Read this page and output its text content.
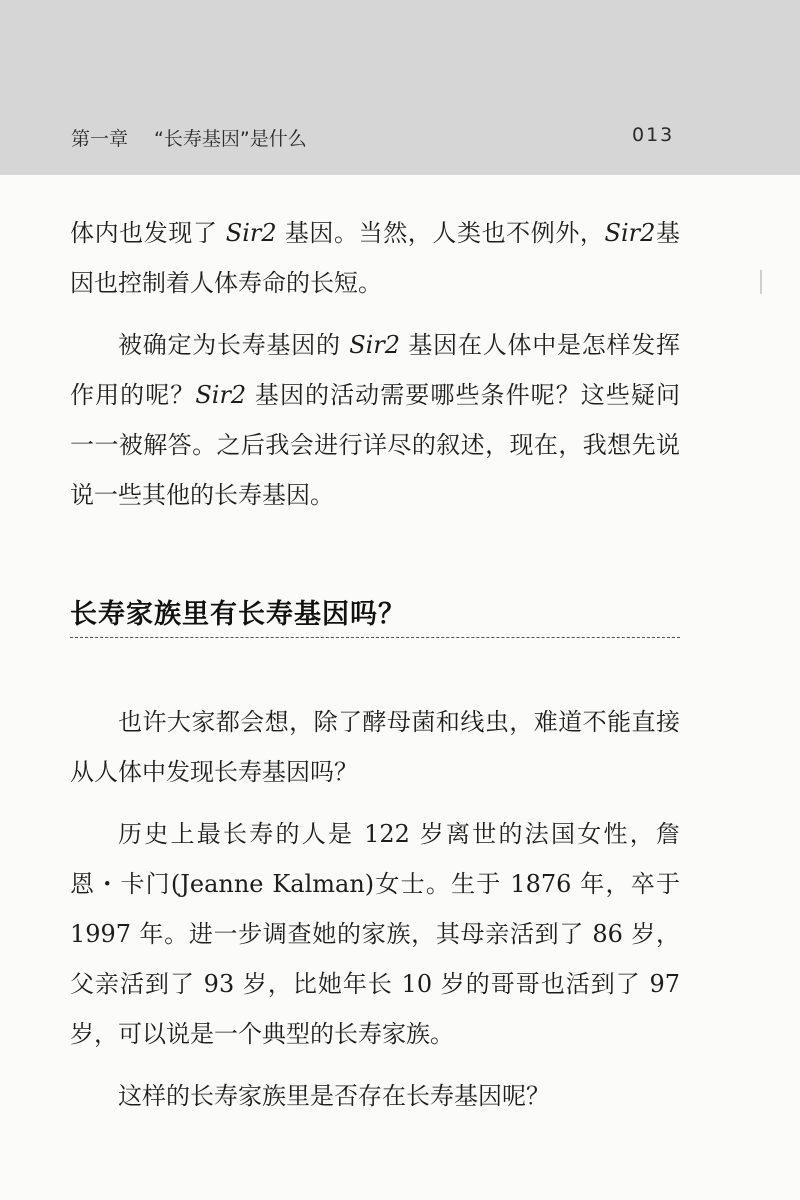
第一章 “长寿基因”是什么	013

体内也发现了 Sir2 基因。当然，人类也不例外，Sir2基因也控制着人体寿命的长短。

被确定为长寿基因的 Sir2 基因在人体中是怎样发挥作用的呢？Sir2 基因的活动需要哪些条件呢？这些疑问一一被解答。之后我会进行详尽的叙述，现在，我想先说说一些其他的长寿基因。

长寿家族里有长寿基因吗？

也许大家都会想，除了酵母菌和线虫，难道不能直接从人体中发现长寿基因吗？

历史上最长寿的人是 122 岁离世的法国女性，詹恩・卡门(Jeanne Kalman)女士。生于 1876 年，卒于 1997 年。进一步调查她的家族，其母亲活到了 86 岁，父亲活到了 93 岁，比她年长 10 岁的哥哥也活到了 97 岁，可以说是一个典型的长寿家族。

这样的长寿家族里是否存在长寿基因呢？
